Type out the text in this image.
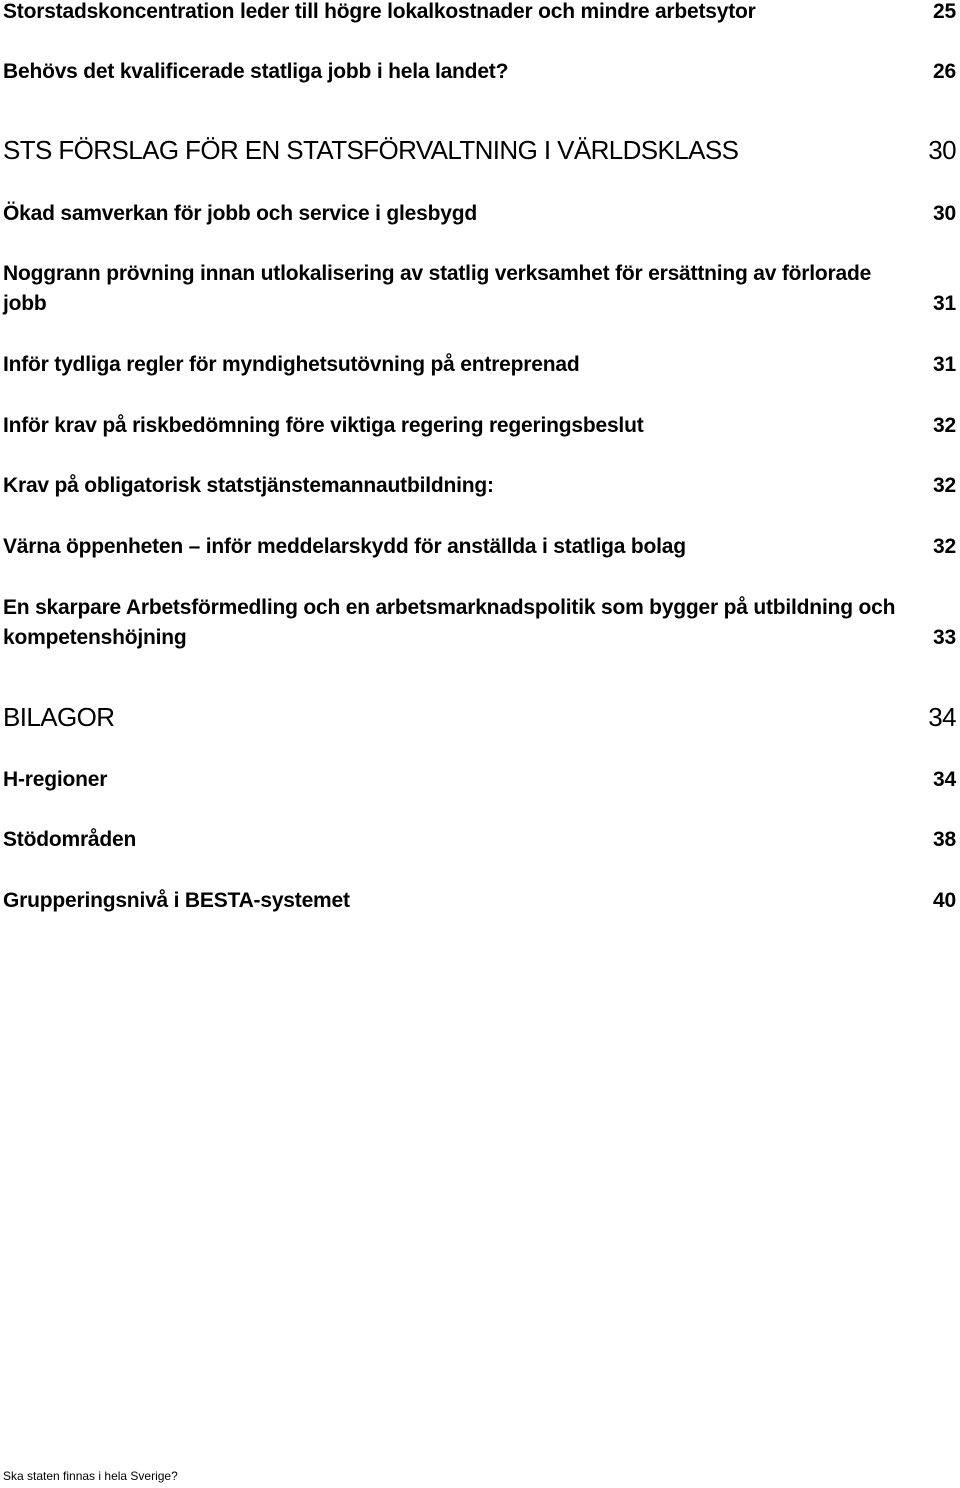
Storstadskoncentration leder till högre lokalkostnader och mindre arbetsytor	25
Behövs det kvalificerade statliga jobb i hela landet?	26
STS FÖRSLAG FÖR EN STATSFÖRVALTNING I VÄRLDSKLASS	30
Ökad samverkan för jobb och service i glesbygd	30
Noggrann prövning innan utlokalisering av statlig verksamhet för ersättning av förlorade jobb	31
Inför tydliga regler för myndighetsutövning på entreprenad	31
Inför krav på riskbedömning före viktiga regering regeringsbeslut	32
Krav på obligatorisk statstjänstemannautbildning:	32
Värna öppenheten – inför meddelarskydd för anställda i statliga bolag	32
En skarpare Arbetsförmedling och en arbetsmarknadspolitik som bygger på utbildning och kompetenshöjning	33
BILAGOR	34
H-regioner	34
Stödområden	38
Grupperingsnivå i BESTA-systemet	40
Ska staten finnas i hela Sverige?
